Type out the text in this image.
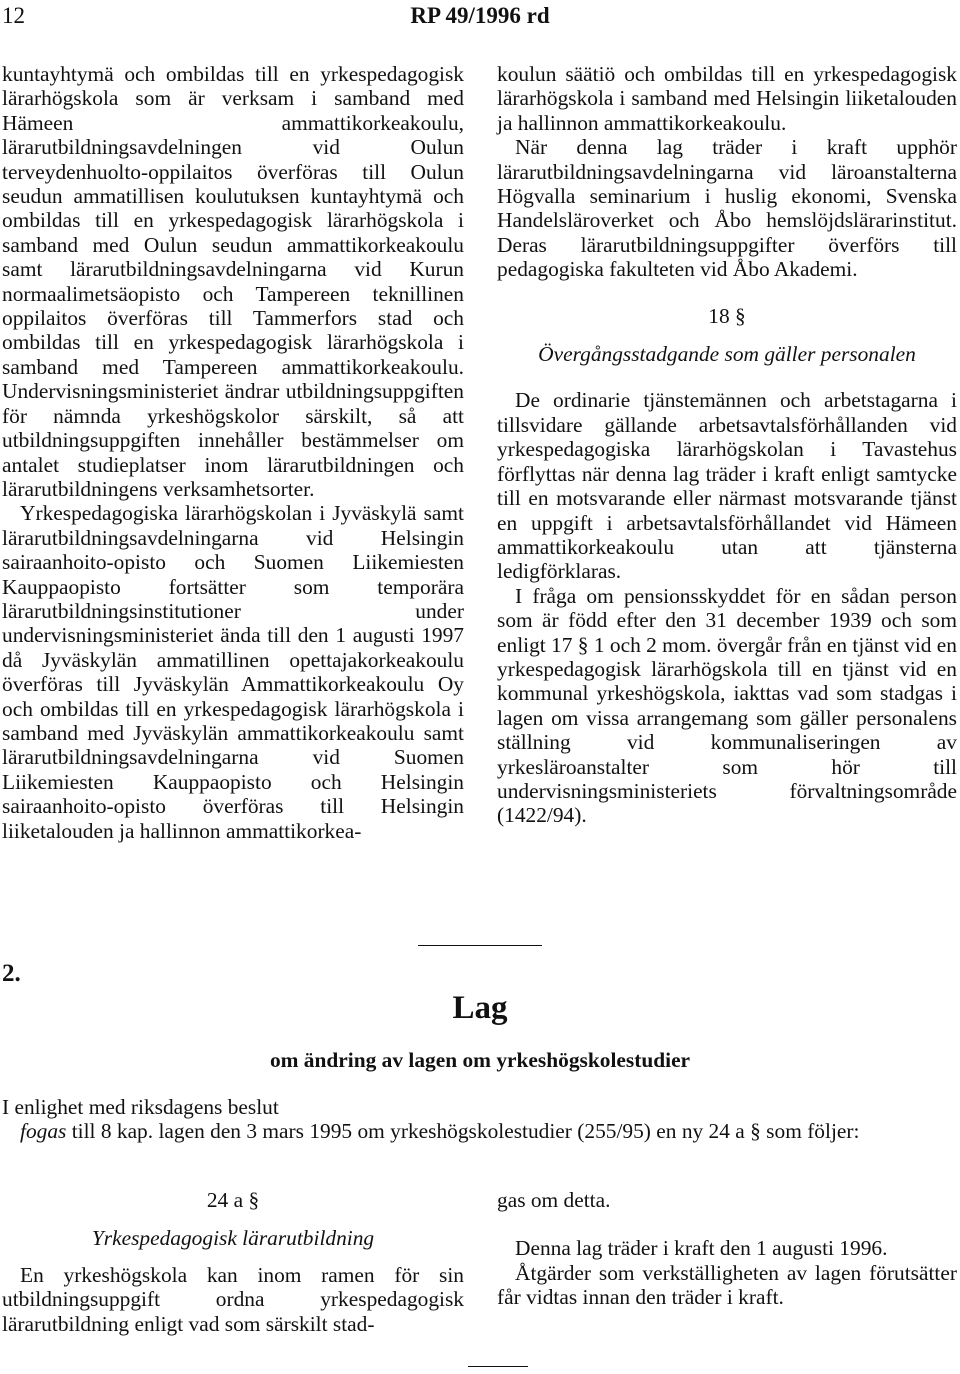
12	RP 49/1996 rd

kuntayhtymä och ombildas till en yrkespedagogisk lärarhögskola som är verksam i samband med Hämeen ammattikorkeakoulu, lärarutbildningsavdelningen vid Oulun terveydenhuolto-oppilaitos överföras till Oulun seudun ammatillisen koulutuksen kuntayhtymä och ombildas till en yrkespedagogisk lärarhögskola i samband med Oulun seudun ammattikorkeakoulu samt lärarutbildningsavdelningarna vid Kurun normaalimetsäopisto och Tampereen teknillinen oppilaitos överföras till Tammerfors stad och ombildas till en yrkespedagogisk lärarhögskola i samband med Tampereen ammattikorkeakoulu. Undervisningsministeriet ändrar utbildningsuppgiften för nämnda yrkeshögskolor särskilt, så att utbildningsuppgiften innehåller bestämmelser om antalet studieplatser inom lärarutbildningen och lärarutbildningens verksamhetsorter.

Yrkespedagogiska lärarhögskolan i Jyväskylä samt lärarutbildningsavdelningarna vid Helsingin sairaanhoito-opisto och Suomen Liikemiesten Kauppaopisto fortsätter som temporära lärarutbildningsinstitutioner under undervisningsministeriet ända till den 1 augusti 1997 då Jyväskylän ammatillinen opettajakorkeakoulu överföras till Jyväskylän Ammattikorkeakoulu Oy och ombildas till en yrkespedagogisk lärarhögskola i samband med Jyväskylän ammattikorkeakoulu samt lärarutbildningsavdelningarna vid Suomen Liikemiesten Kauppaopisto och Helsingin sairaanhoito-opisto överföras till Helsingin liiketalouden ja hallinnon ammattikorkea-

koulun säätiö och ombildas till en yrkespedagogisk lärarhögskola i samband med Helsingin liiketalouden ja hallinnon ammattikorkeakoulu.

När denna lag träder i kraft upphör lärarutbildningsavdelningarna vid läroanstalterna Högvalla seminarium i huslig ekonomi, Svenska Handelsläroverket och Åbo hemslöjdslärarinstitut. Deras lärarutbildningsuppgifter överförs till pedagogiska fakulteten vid Åbo Akademi.

18 §
Övergångsstadgande som gäller personalen

De ordinarie tjänstemännen och arbetstagarna i tillsvidare gällande arbetsavtalsförhållanden vid yrkespedagogiska lärarhögskolan i Tavastehus förflyttas när denna lag träder i kraft enligt samtycke till en motsvarande eller närmast motsvarande tjänst en uppgift i arbetsavtalsförhållandet vid Hämeen ammattikorkeakoulu utan att tjänsterna ledigförklaras.

I fråga om pensionsskyddet för en sådan person som är född efter den 31 december 1939 och som enligt 17 § 1 och 2 mom. övergår från en tjänst vid en yrkespedagogisk lärarhögskola till en tjänst vid en kommunal yrkeshögskola, iakttas vad som stadgas i lagen om vissa arrangemang som gäller personalens ställning vid kommunaliseringen av yrkesläroanstalter som hör till undervisningsministeriets förvaltningsområde (1422/94).

2.
Lag
om ändring av lagen om yrkeshögskolestudier

I enlighet med riksdagens beslut

fogas till 8 kap. lagen den 3 mars 1995 om yrkeshögskolestudier (255/95) en ny 24 a § som följer:

24 a §
Yrkespedagogisk lärarutbildning

En yrkeshögskola kan inom ramen för sin utbildningsuppgift ordna yrkespedagogisk lärarutbildning enligt vad som särskilt stad-

gas om detta.

Denna lag träder i kraft den 1 augusti 1996.

Åtgärder som verkställigheten av lagen förutsätter får vidtas innan den träder i kraft.
